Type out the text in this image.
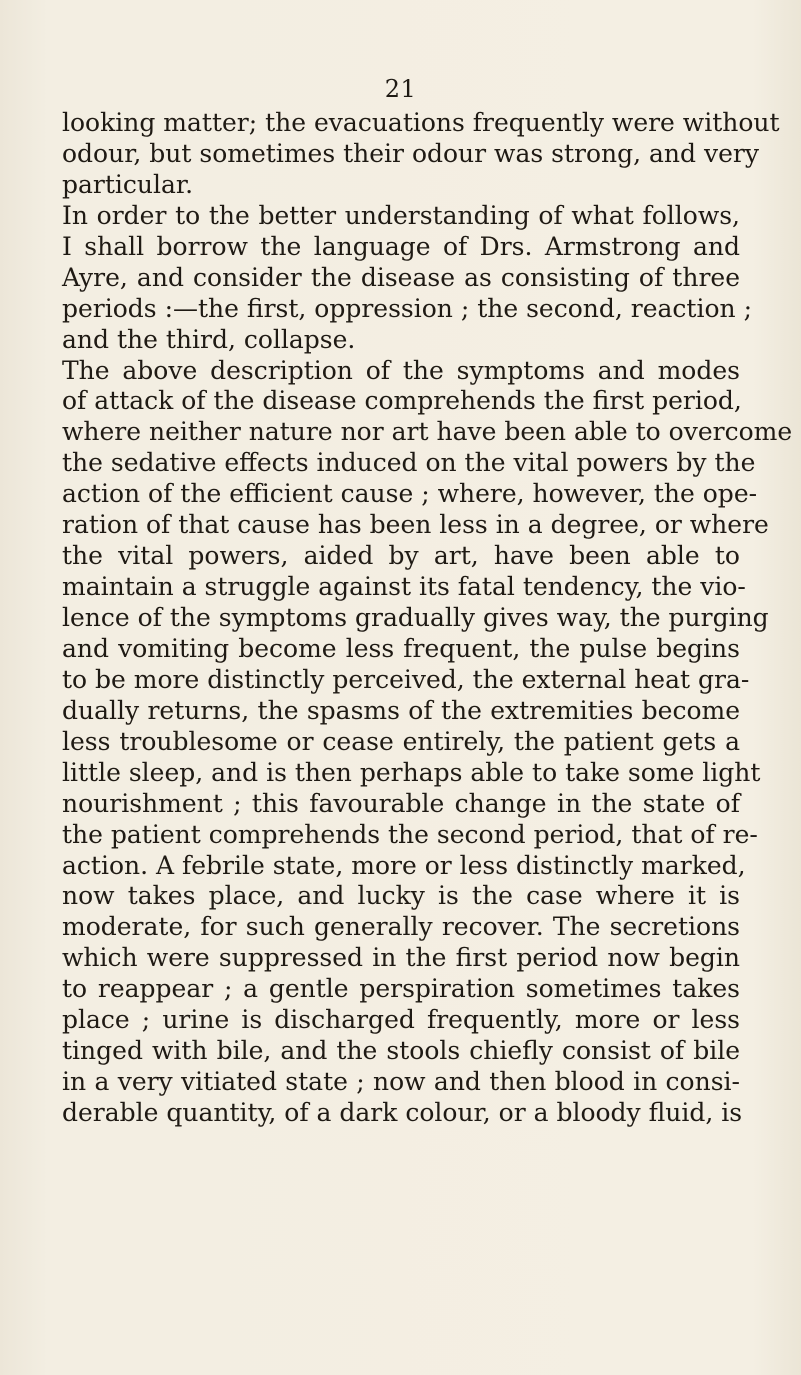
21
looking matter; the evacuations frequently were without
odour, but sometimes their odour was strong, and very
particular.
In order to the better understanding of what follows,
I shall borrow the language of Drs. Armstrong and
Ayre, and consider the disease as consisting of three
periods :—the first, oppression ; the second, reaction ;
and the third, collapse.
The above description of the symptoms and modes
of attack of the disease comprehends the first period,
where neither nature nor art have been able to overcome
the sedative effects induced on the vital powers by the
action of the efficient cause ; where, however, the ope-
ration of that cause has been less in a degree, or where
the vital powers, aided by art, have been able to
maintain a struggle against its fatal tendency, the vio-
lence of the symptoms gradually gives way, the purging
and vomiting become less frequent, the pulse begins
to be more distinctly perceived, the external heat gra-
dually returns, the spasms of the extremities become
less troublesome or cease entirely, the patient gets a
little sleep, and is then perhaps able to take some light
nourishment ; this favourable change in the state of
the patient comprehends the second period, that of re-
action. A febrile state, more or less distinctly marked,
now takes place, and lucky is the case where it is
moderate, for such generally recover. The secretions
which were suppressed in the first period now begin
to reappear ; a gentle perspiration sometimes takes
place ; urine is discharged frequently, more or less
tinged with bile, and the stools chiefly consist of bile
in a very vitiated state ; now and then blood in consi-
derable quantity, of a dark colour, or a bloody fluid, is
